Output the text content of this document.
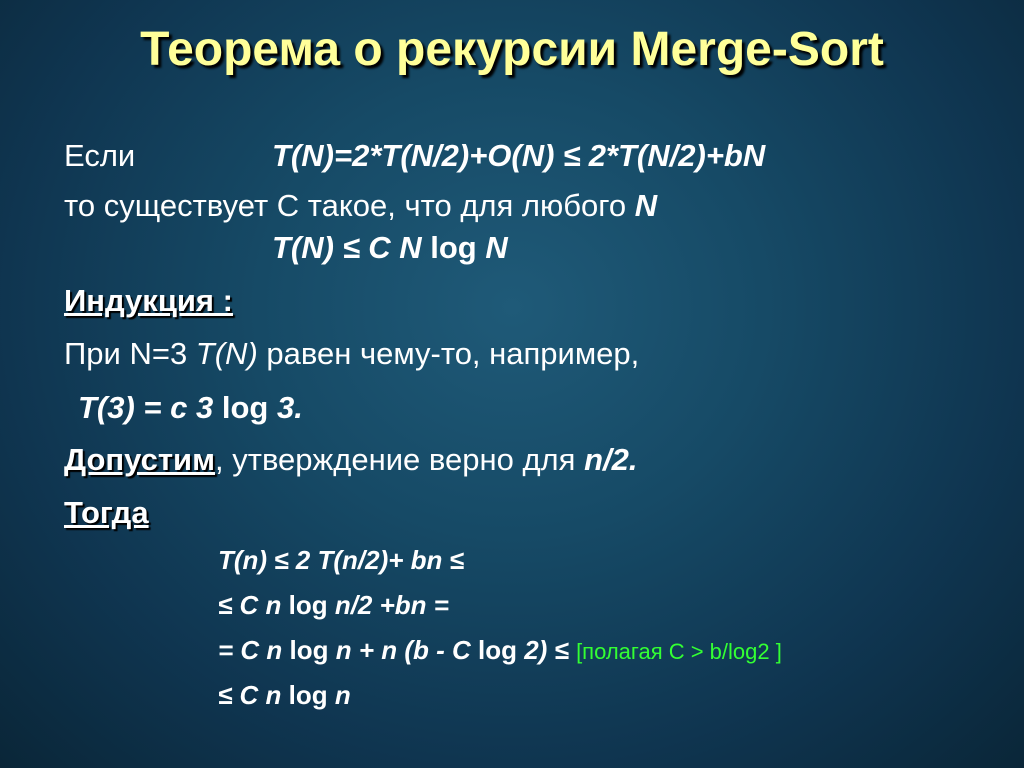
Теорема о рекурсии Merge-Sort
Если	T(N)=2*T(N/2)+O(N) ≤ 2*T(N/2)+bN
то существует C такое, что для любого N
T(N) ≤ C N log N
Индукция :
При N=3 T(N) равен чему-то, например,
T(3) = c 3 log 3.
Допустим, утверждение верно для n/2.
Тогда
T(n) ≤ 2 T(n/2)+ bn ≤
≤ C n log n/2 +bn =
= C n log n + n (b - C log 2) ≤ [полагая C > b/log2 ]
≤ C n log n
